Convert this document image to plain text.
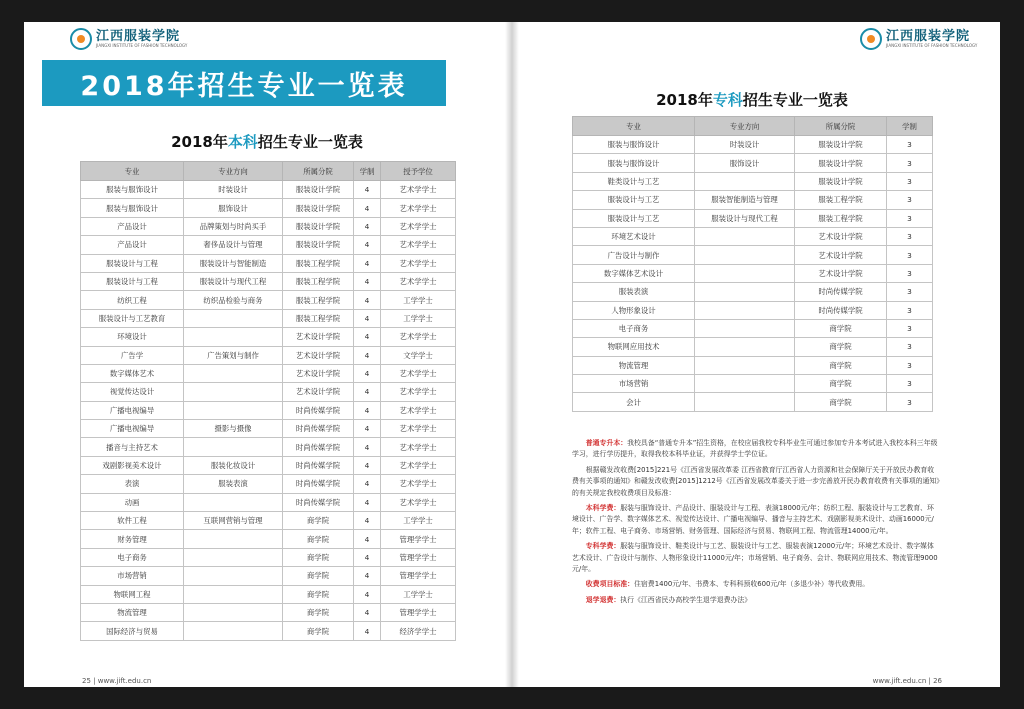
江西服装学院
JIANGXI INSTITUTE OF FASHION TECHNOLOGY
江西服装学院
JIANGXI INSTITUTE OF FASHION TECHNOLOGY
2018年招生专业一览表
2018年本科招生专业一览表
专业	专业方向	所属分院	学制	授予学位
服装与服饰设计	时装设计	服装设计学院	4	艺术学学士
服装与服饰设计	服饰设计	服装设计学院	4	艺术学学士
产品设计	品牌策划与时尚买手	服装设计学院	4	艺术学学士
产品设计	奢侈品设计与管理	服装设计学院	4	艺术学学士
服装设计与工程	服装设计与智能制造	服装工程学院	4	艺术学学士
服装设计与工程	服装设计与现代工程	服装工程学院	4	艺术学学士
纺织工程	纺织品检验与商务	服装工程学院	4	工学学士
服装设计与工艺教育		服装工程学院	4	工学学士
环境设计		艺术设计学院	4	艺术学学士
广告学	广告策划与制作	艺术设计学院	4	文学学士
数字媒体艺术		艺术设计学院	4	艺术学学士
视觉传达设计		艺术设计学院	4	艺术学学士
广播电视编导		时尚传媒学院	4	艺术学学士
广播电视编导	摄影与摄像	时尚传媒学院	4	艺术学学士
播音与主持艺术		时尚传媒学院	4	艺术学学士
戏剧影视美术设计	服装化妆设计	时尚传媒学院	4	艺术学学士
表演	服装表演	时尚传媒学院	4	艺术学学士
动画		时尚传媒学院	4	艺术学学士
软件工程	互联网营销与管理	商学院	4	工学学士
财务管理		商学院	4	管理学学士
电子商务		商学院	4	管理学学士
市场营销		商学院	4	管理学学士
物联网工程		商学院	4	工学学士
物流管理		商学院	4	管理学学士
国际经济与贸易		商学院	4	经济学学士
2018年专科招生专业一览表
专业	专业方向	所属分院	学制
服装与服饰设计	时装设计	服装设计学院	3
服装与服饰设计	服饰设计	服装设计学院	3
鞋类设计与工艺		服装设计学院	3
服装设计与工艺	服装智能制造与管理	服装工程学院	3
服装设计与工艺	服装设计与现代工程	服装工程学院	3
环境艺术设计		艺术设计学院	3
广告设计与制作		艺术设计学院	3
数字媒体艺术设计		艺术设计学院	3
服装表演		时尚传媒学院	3
人物形象设计		时尚传媒学院	3
电子商务		商学院	3
物联网应用技术		商学院	3
物流管理		商学院	3
市场营销		商学院	3
会计		商学院	3

普通专升本：我校具备“普通专升本”招生资格，在校应届我校专科毕业生可通过参加专升本考试进入我校本科三年级学习，进行学历提升，取得我校本科毕业证，并获得学士学位证。

根据赣发改收费[2015]221号《江西省发展改革委 江西省教育厅江西省人力资源和社会保障厅关于开放民办教育收费有关事项的通知》和赣发改收费[2015]1212号《江西省发展改革委关于进一步完善放开民办教育收费有关事项的通知》的有关规定我校收费项目及标准：

本科学费：服装与服饰设计、产品设计、服装设计与工程、表演18000元/年；纺织工程、服装设计与工艺教育、环境设计、广告学、数字媒体艺术、视觉传达设计、广播电视编导、播音与主持艺术、戏剧影视美术设计、动画16000元/年；软件工程、电子商务、市场营销、财务管理、国际经济与贸易、物联网工程、物流管理14000元/年。

专科学费：服装与服饰设计、鞋类设计与工艺、服装设计与工艺、服装表演12000元/年；环境艺术设计、数字媒体艺术设计、广告设计与制作、人物形象设计11000元/年；市场营销、电子商务、会计、物联网应用技术、物流管理9000元/年。

收费项目标准：住宿费1400元/年、书费本、专科科预收600元/年（多退少补）等代收费用。

退学退费：执行《江西省民办高校学生退学退费办法》

25 | www.jift.edu.cn	www.jift.edu.cn | 26
